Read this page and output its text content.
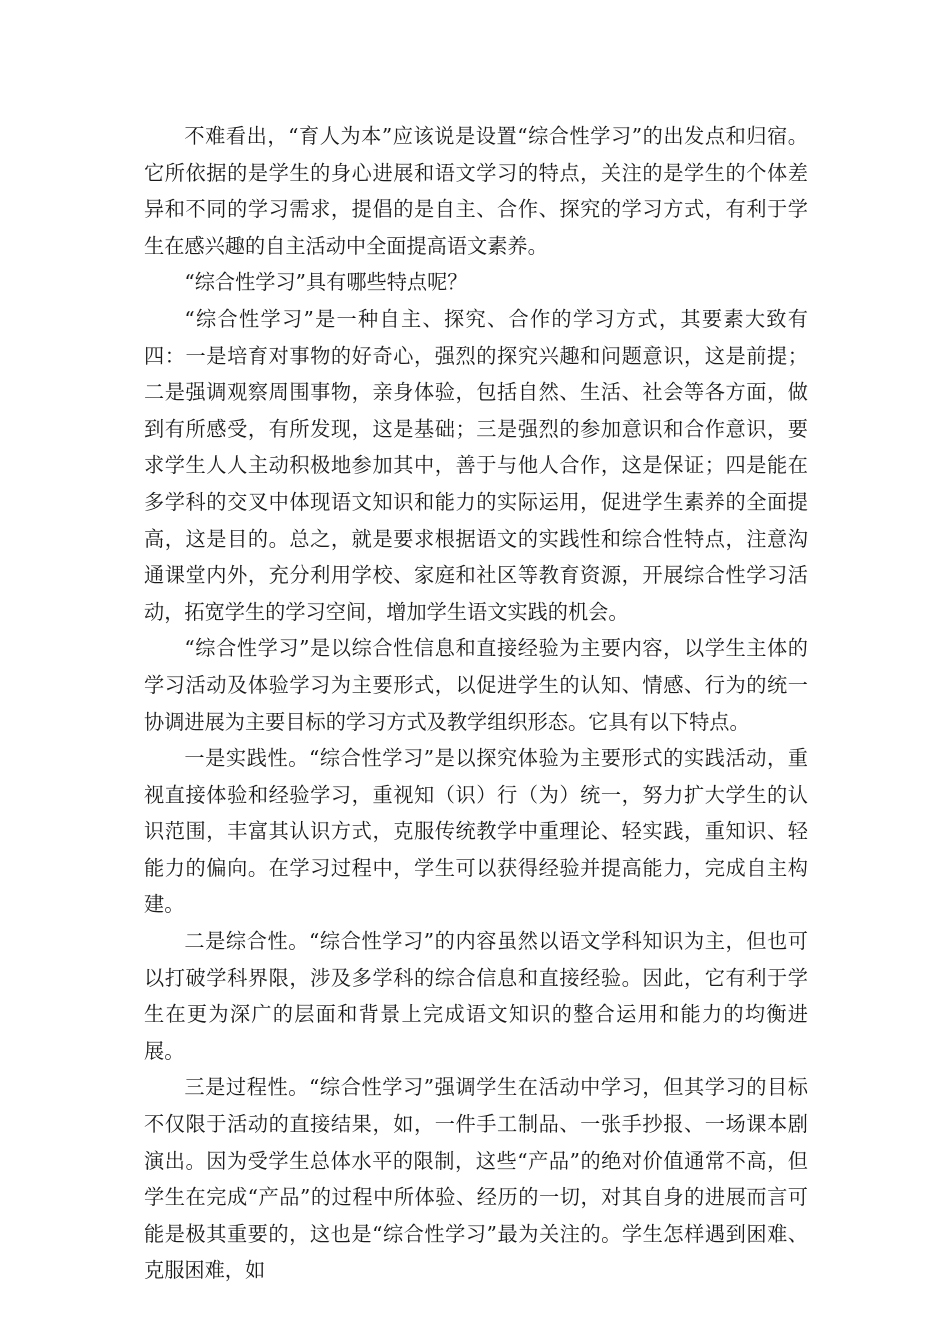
不难看出，“育人为本”应该说是设置“综合性学习”的出发点和归宿。它所依据的是学生的身心进展和语文学习的特点，关注的是学生的个体差异和不同的学习需求，提倡的是自主、合作、探究的学习方式，有利于学生在感兴趣的自主活动中全面提高语文素养。

“综合性学习”具有哪些特点呢？

“综合性学习”是一种自主、探究、合作的学习方式，其要素大致有四：一是培育对事物的好奇心，强烈的探究兴趣和问题意识，这是前提；二是强调观察周围事物，亲身体验，包括自然、生活、社会等各方面，做到有所感受，有所发现，这是基础；三是强烈的参加意识和合作意识，要求学生人人主动积极地参加其中，善于与他人合作，这是保证；四是能在多学科的交叉中体现语文知识和能力的实际运用，促进学生素养的全面提高，这是目的。总之，就是要求根据语文的实践性和综合性特点，注意沟通课堂内外，充分利用学校、家庭和社区等教育资源，开展综合性学习活动，拓宽学生的学习空间，增加学生语文实践的机会。

“综合性学习”是以综合性信息和直接经验为主要内容，以学生主体的学习活动及体验学习为主要形式，以促进学生的认知、情感、行为的统一协调进展为主要目标的学习方式及教学组织形态。它具有以下特点。

一是实践性。“综合性学习”是以探究体验为主要形式的实践活动，重视直接体验和经验学习，重视知（识）行（为）统一，努力扩大学生的认识范围，丰富其认识方式，克服传统教学中重理论、轻实践，重知识、轻能力的偏向。在学习过程中，学生可以获得经验并提高能力，完成自主构建。

二是综合性。“综合性学习”的内容虽然以语文学科知识为主，但也可以打破学科界限，涉及多学科的综合信息和直接经验。因此，它有利于学生在更为深广的层面和背景上完成语文知识的整合运用和能力的均衡进展。

三是过程性。“综合性学习”强调学生在活动中学习，但其学习的目标不仅限于活动的直接结果，如，一件手工制品、一张手抄报、一场课本剧演出。因为受学生总体水平的限制，这些“产品”的绝对价值通常不高，但学生在完成“产品”的过程中所体验、经历的一切，对其自身的进展而言可能是极其重要的，这也是“综合性学习”最为关注的。学生怎样遇到困难、克服困难，如
